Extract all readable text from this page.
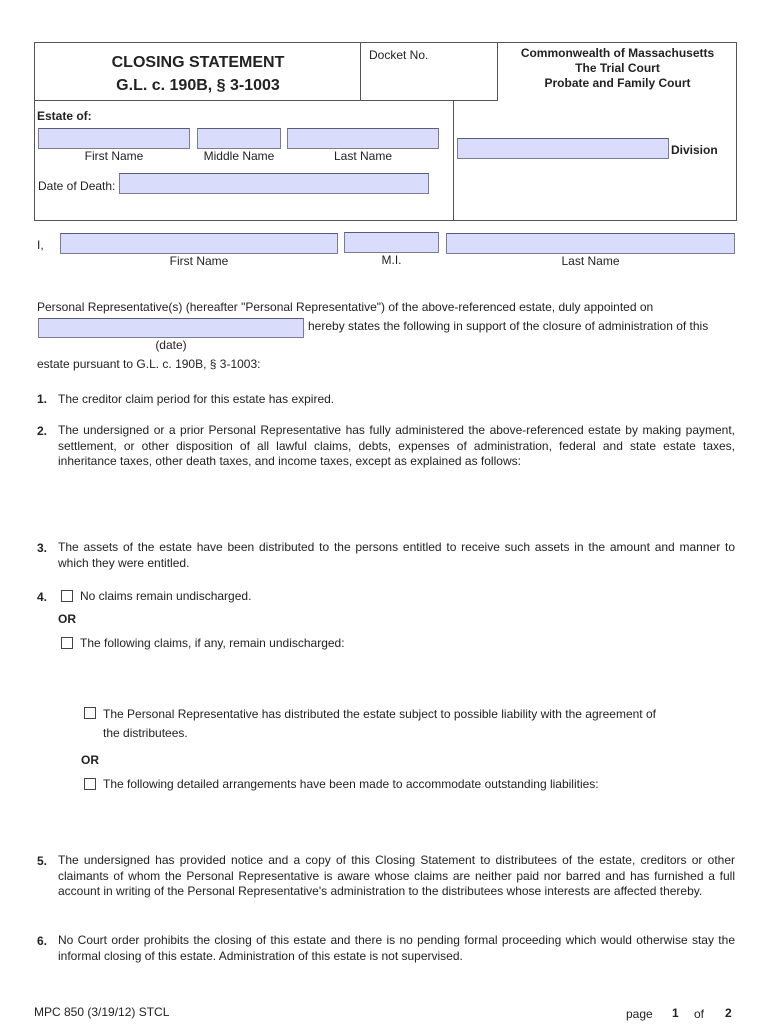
CLOSING STATEMENT
G.L. c. 190B, § 3-1003
Docket No.	Commonwealth of Massachusetts
The Trial Court
Probate and Family Court
Estate of:
First Name	Middle Name	Last Name
Date of Death:
Division
I,
First Name	M.I.	Last Name
Personal Representative(s) (hereafter "Personal Representative") of the above-referenced estate, duly appointed on
hereby states the following in support of the closure of administration of this
(date)
estate pursuant to G.L. c. 190B, § 3-1003:
1. The creditor claim period for this estate has expired.
2. The undersigned or a prior Personal Representative has fully administered the above-referenced estate by making payment, settlement, or other disposition of all lawful claims, debts, expenses of administration, federal and state estate taxes, inheritance taxes, other death taxes, and income taxes, except as explained as follows:
3. The assets of the estate have been distributed to the persons entitled to receive such assets in the amount and manner to which they were entitled.
4.	No claims remain undischarged.
OR
The following claims, if any, remain undischarged:
The Personal Representative has distributed the estate subject to possible liability with the agreement of
the distributees.
OR
The following detailed arrangements have been made to accommodate outstanding liabilities:
5. The undersigned has provided notice and a copy of this Closing Statement to distributees of the estate, creditors or other claimants of whom the Personal Representative is aware whose claims are neither paid nor barred and has furnished a full account in writing of the Personal Representative's administration to the distributees whose interests are affected thereby.
6. No Court order prohibits the closing of this estate and there is no pending formal proceeding which would otherwise stay the informal closing of this estate. Administration of this estate is not supervised.
MPC 850 (3/19/12) STCL	page 1 of 2
